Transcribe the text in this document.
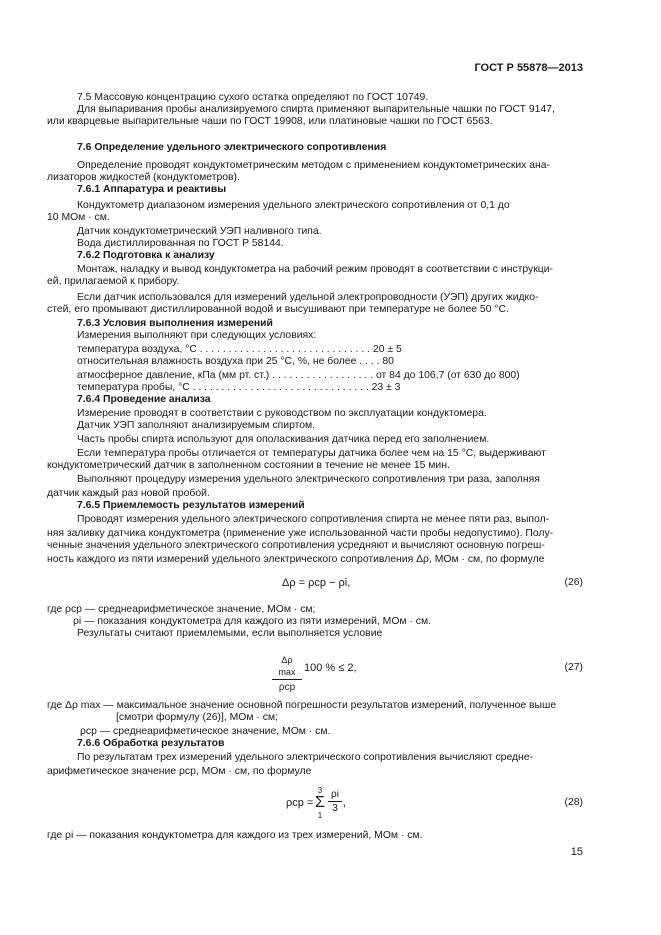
ГОСТ Р 55878—2013
7.5 Массовую концентрацию сухого остатка определяют по ГОСТ 10749.
Для выпаривания пробы анализируемого спирта применяют выпарительные чашки по ГОСТ 9147,
или кварцевые выпарительные чаши по ГОСТ 19908, или платиновые чашки по ГОСТ 6563.
7.6 Определение удельного электрического сопротивления
Определение проводят кондуктометрическим методом с применением кондуктометрических ана-
лизаторов жидкостей (кондуктометров).
7.6.1 Аппаратура и реактивы
Кондуктометр диапазоном измерения удельного электрического сопротивления от 0,1 до
10 МОм · см.
Датчик кондуктометрический УЭП наливного типа.
Вода дистиллированная по ГОСТ Р 58144.
7.6.2 Подготовка к анализу
Монтаж, наладку и вывод кондуктометра на рабочий режим проводят в соответствии с инструкци-
ей, прилагаемой к прибору.
Если датчик использовался для измерений удельной электропроводности (УЭП) других жидко-
стей, его промывают дистиллированной водой и высушивают при температуре не более 50 °С.
7.6.3 Условия выполнения измерений
Измерения выполняют при следующих условиях:
температура воздуха, °С . . . . . . . . . . . . . . . . . . . . . . . . . . . . . . 20 ± 5
относительная влажность воздуха при 25 °С, %, не более . . . . 80
атмосферное давление, кПа (мм рт. ст.) . . . . . . . . . . . . . . . . . . от 84 до 106,7 (от 630 до 800)
температура пробы, °С . . . . . . . . . . . . . . . . . . . . . . . . . . . . . . . 23 ± 3
7.6.4 Проведение анализа
Измерение проводят в соответствии с руководством по эксплуатации кондуктомера.
Датчик УЭП заполняют анализируемым спиртом.
Часть пробы спирта используют для ополаскивания датчика перед его заполнением.
Если температура пробы отличается от температуры датчика более чем на 15 °С, выдерживают
кондуктометрический датчик в заполненном состоянии в течение не менее 15 мин.
Выполняют процедуру измерения удельного электрического сопротивления три раза, заполняя
датчик каждый раз новой пробой.
7.6.5 Приемлемость результатов измерений
Проводят измерения удельного электрического сопротивления спирта не менее пяти раз, выпол-
няя заливку датчика кондуктометра (применение уже использованной части пробы недопустимо). Полу-
ченные значения удельного электрического сопротивления усредняют и вычисляют основную погреш-
ность каждого из пяти измерений удельного электрического сопротивления Δρ, МОм · см, по формуле
Δρ = ρср − ρi,	(26)
где ρср — среднеарифметическое значение, МОм · см;
ρi — показания кондуктометра для каждого из пяти измерений, МОм · см.
Результаты считают приемлемыми, если выполняется условие
Δρ max
ρср
100 % ≤ 2,	(27)
где Δρ max — максимальное значение основной погрешности результатов измерений, полученное выше
[смотри формулу (26)], МОм · см;
ρср — среднеарифметическое значение, МОм · см.
7.6.6 Обработка результатов
По результатам трех измерений удельного электрического сопротивления вычисляют средне-
арифметическое значение ρср, МОм · см, по формуле
ρср =
3
Σ
1
ρi
3 ,	(28)
где ρi — показания кондуктометра для каждого из трех измерений, МОм · см.
15
